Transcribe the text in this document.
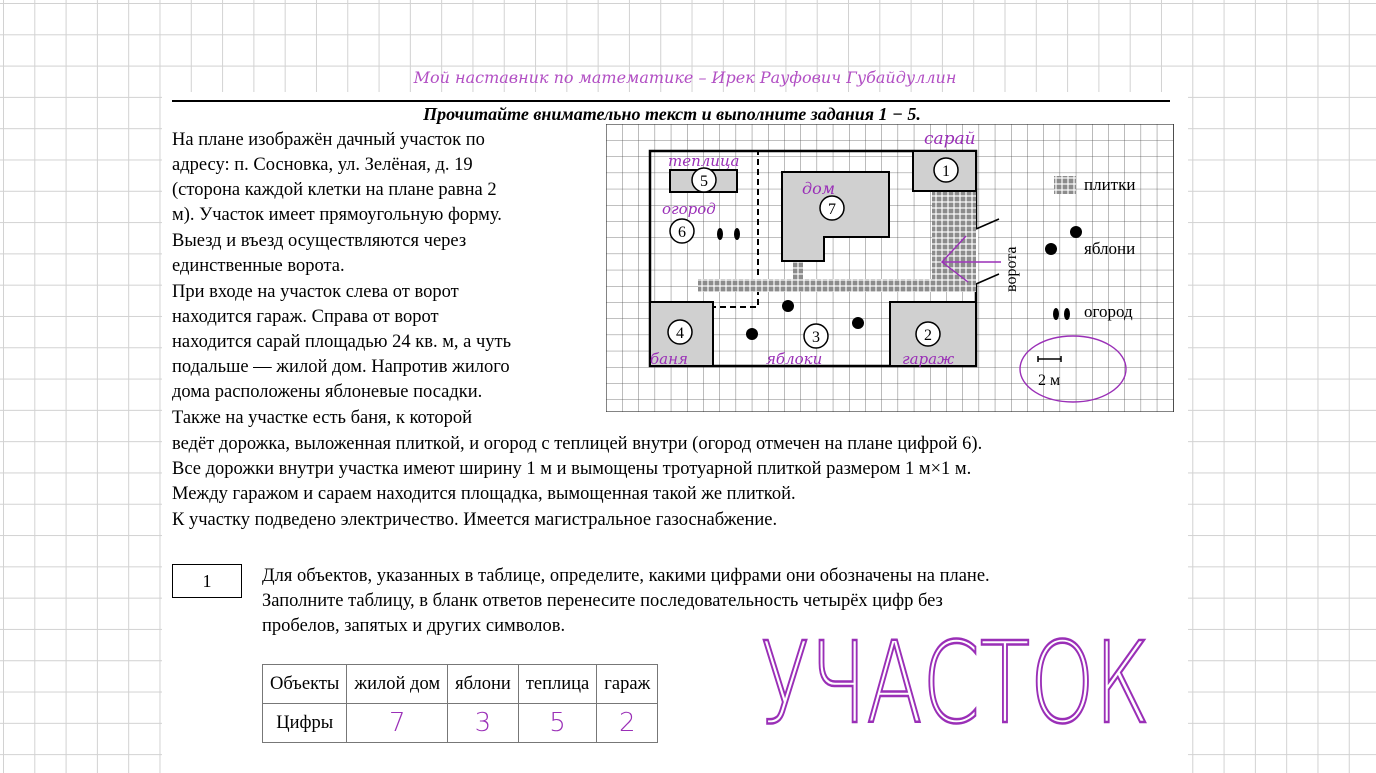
Мой наставник по математике – Ирек Рауфович Губайдуллин
Прочитайте внимательно текст и выполните задания 1 − 5.
На плане изображён дачный участок по
адресу: п. Сосновка, ул. Зелёная, д. 19
(сторона каждой клетки на плане равна 2
м). Участок имеет прямоугольную форму.
Выезд и въезд осуществляются через
единственные ворота.
При входе на участок слева от ворот
находится гараж. Справа от ворот
находится сарай площадью 24 кв. м, а чуть
подальше — жилой дом. Напротив жилого
дома расположены яблоневые посадки.
Также на участке есть баня, к которой
ведёт дорожка, выложенная плиткой, и огород с теплицей внутри (огород отмечен на плане цифрой 6).
Все дорожки внутри участка имеют ширину 1 м и вымощены тротуарной плиткой размером 1 м×1 м.
Между гаражом и сараем находится площадка, вымощенная такой же плиткой.
К участку подведено электричество. Имеется магистральное газоснабжение.
1
2
3
4
5
6
7
плитки
яблони
огород
2 м
ворота
сарай
теплица
огород
дом
баня	яблоки	гараж
1	Для объектов, указанных в таблице, определите, какими цифрами они обозначены на плане.
Заполните таблицу, в бланк ответов перенесите последовательность четырёх цифр без
пробелов, запятых и других символов.
Объекты	жилой дом	яблони	теплица	гараж
Цифры	7	3	5	2 УЧАСТОК
